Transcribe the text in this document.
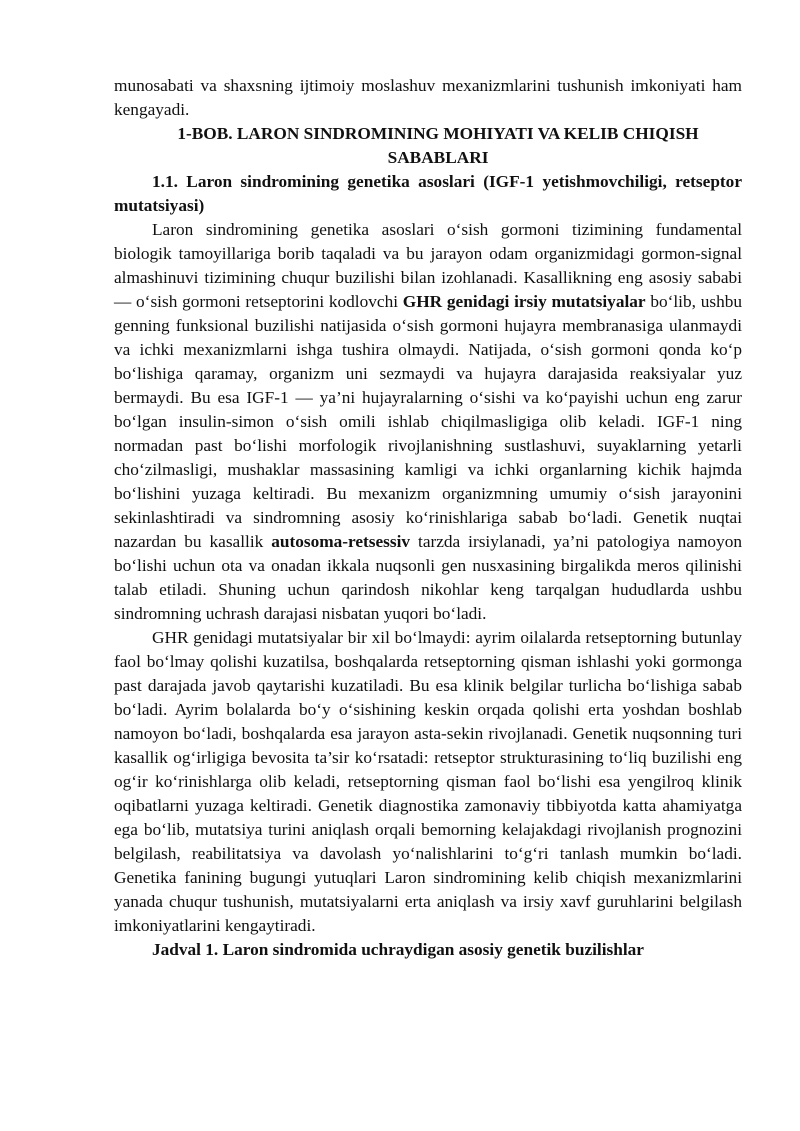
munosabati va shaxsning ijtimoiy moslashuv mexanizmlarini tushunish imkoniyati ham kengayadi.

1-BOB. LARON SINDROMINING MOHIYATI VA KELIB CHIQISH SABABLARI

1.1. Laron sindromining genetika asoslari (IGF-1 yetishmovchiligi, retseptor mutatsiyasi)

Laron sindromining genetika asoslari o‘sish gormoni tizimining fundamental biologik tamoyillariga borib taqaladi va bu jarayon odam organizmidagi gormon-signal almashinuvi tizimining chuqur buzilishi bilan izohlanadi. Kasallikning eng asosiy sababi — o‘sish gormoni retseptorini kodlovchi GHR genidagi irsiy mutatsiyalar bo‘lib, ushbu genning funksional buzilishi natijasida o‘sish gormoni hujayra membranasiga ulanmaydi va ichki mexanizmlarni ishga tushira olmaydi. Natijada, o‘sish gormoni qonda ko‘p bo‘lishiga qaramay, organizm uni sezmaydi va hujayra darajasida reaksiyalar yuz bermaydi. Bu esa IGF-1 — ya’ni hujayralarning o‘sishi va ko‘payishi uchun eng zarur bo‘lgan insulin-simon o‘sish omili ishlab chiqilmasligiga olib keladi. IGF-1 ning normadan past bo‘lishi morfologik rivojlanishning sustlashuvi, suyaklarning yetarli cho‘zilmasligi, mushaklar massasining kamligi va ichki organlarning kichik hajmda bo‘lishini yuzaga keltiradi. Bu mexanizm organizmning umumiy o‘sish jarayonini sekinlashtiradi va sindromning asosiy ko‘rinishlariga sabab bo‘ladi. Genetik nuqtai nazardan bu kasallik autosoma-retsessiv tarzda irsiylanadi, ya’ni patologiya namoyon bo‘lishi uchun ota va onadan ikkala nuqsonli gen nusxasining birgalikda meros qilinishi talab etiladi. Shuning uchun qarindosh nikohlar keng tarqalgan hududlarda ushbu sindromning uchrash darajasi nisbatan yuqori bo‘ladi.

GHR genidagi mutatsiyalar bir xil bo‘lmaydi: ayrim oilalarda retseptorning butunlay faol bo‘lmay qolishi kuzatilsa, boshqalarda retseptorning qisman ishlashi yoki gormonga past darajada javob qaytarishi kuzatiladi. Bu esa klinik belgilar turlicha bo‘lishiga sabab bo‘ladi. Ayrim bolalarda bo‘y o‘sishining keskin orqada qolishi erta yoshdan boshlab namoyon bo‘ladi, boshqalarda esa jarayon asta-sekin rivojlanadi. Genetik nuqsonning turi kasallik og‘irligiga bevosita ta’sir ko‘rsatadi: retseptor strukturasining to‘liq buzilishi eng og‘ir ko‘rinishlarga olib keladi, retseptorning qisman faol bo‘lishi esa yengilroq klinik oqibatlarni yuzaga keltiradi. Genetik diagnostika zamonaviy tibbiyotda katta ahamiyatga ega bo‘lib, mutatsiya turini aniqlash orqali bemorning kelajakdagi rivojlanish prognozini belgilash, reabilitatsiya va davolash yo‘nalishlarini to‘g‘ri tanlash mumkin bo‘ladi. Genetika fanining bugungi yutuqlari Laron sindromining kelib chiqish mexanizmlarini yanada chuqur tushunish, mutatsiyalarni erta aniqlash va irsiy xavf guruhlarini belgilash imkoniyatlarini kengaytiradi.

Jadval 1. Laron sindromida uchraydigan asosiy genetik buzilishlar
